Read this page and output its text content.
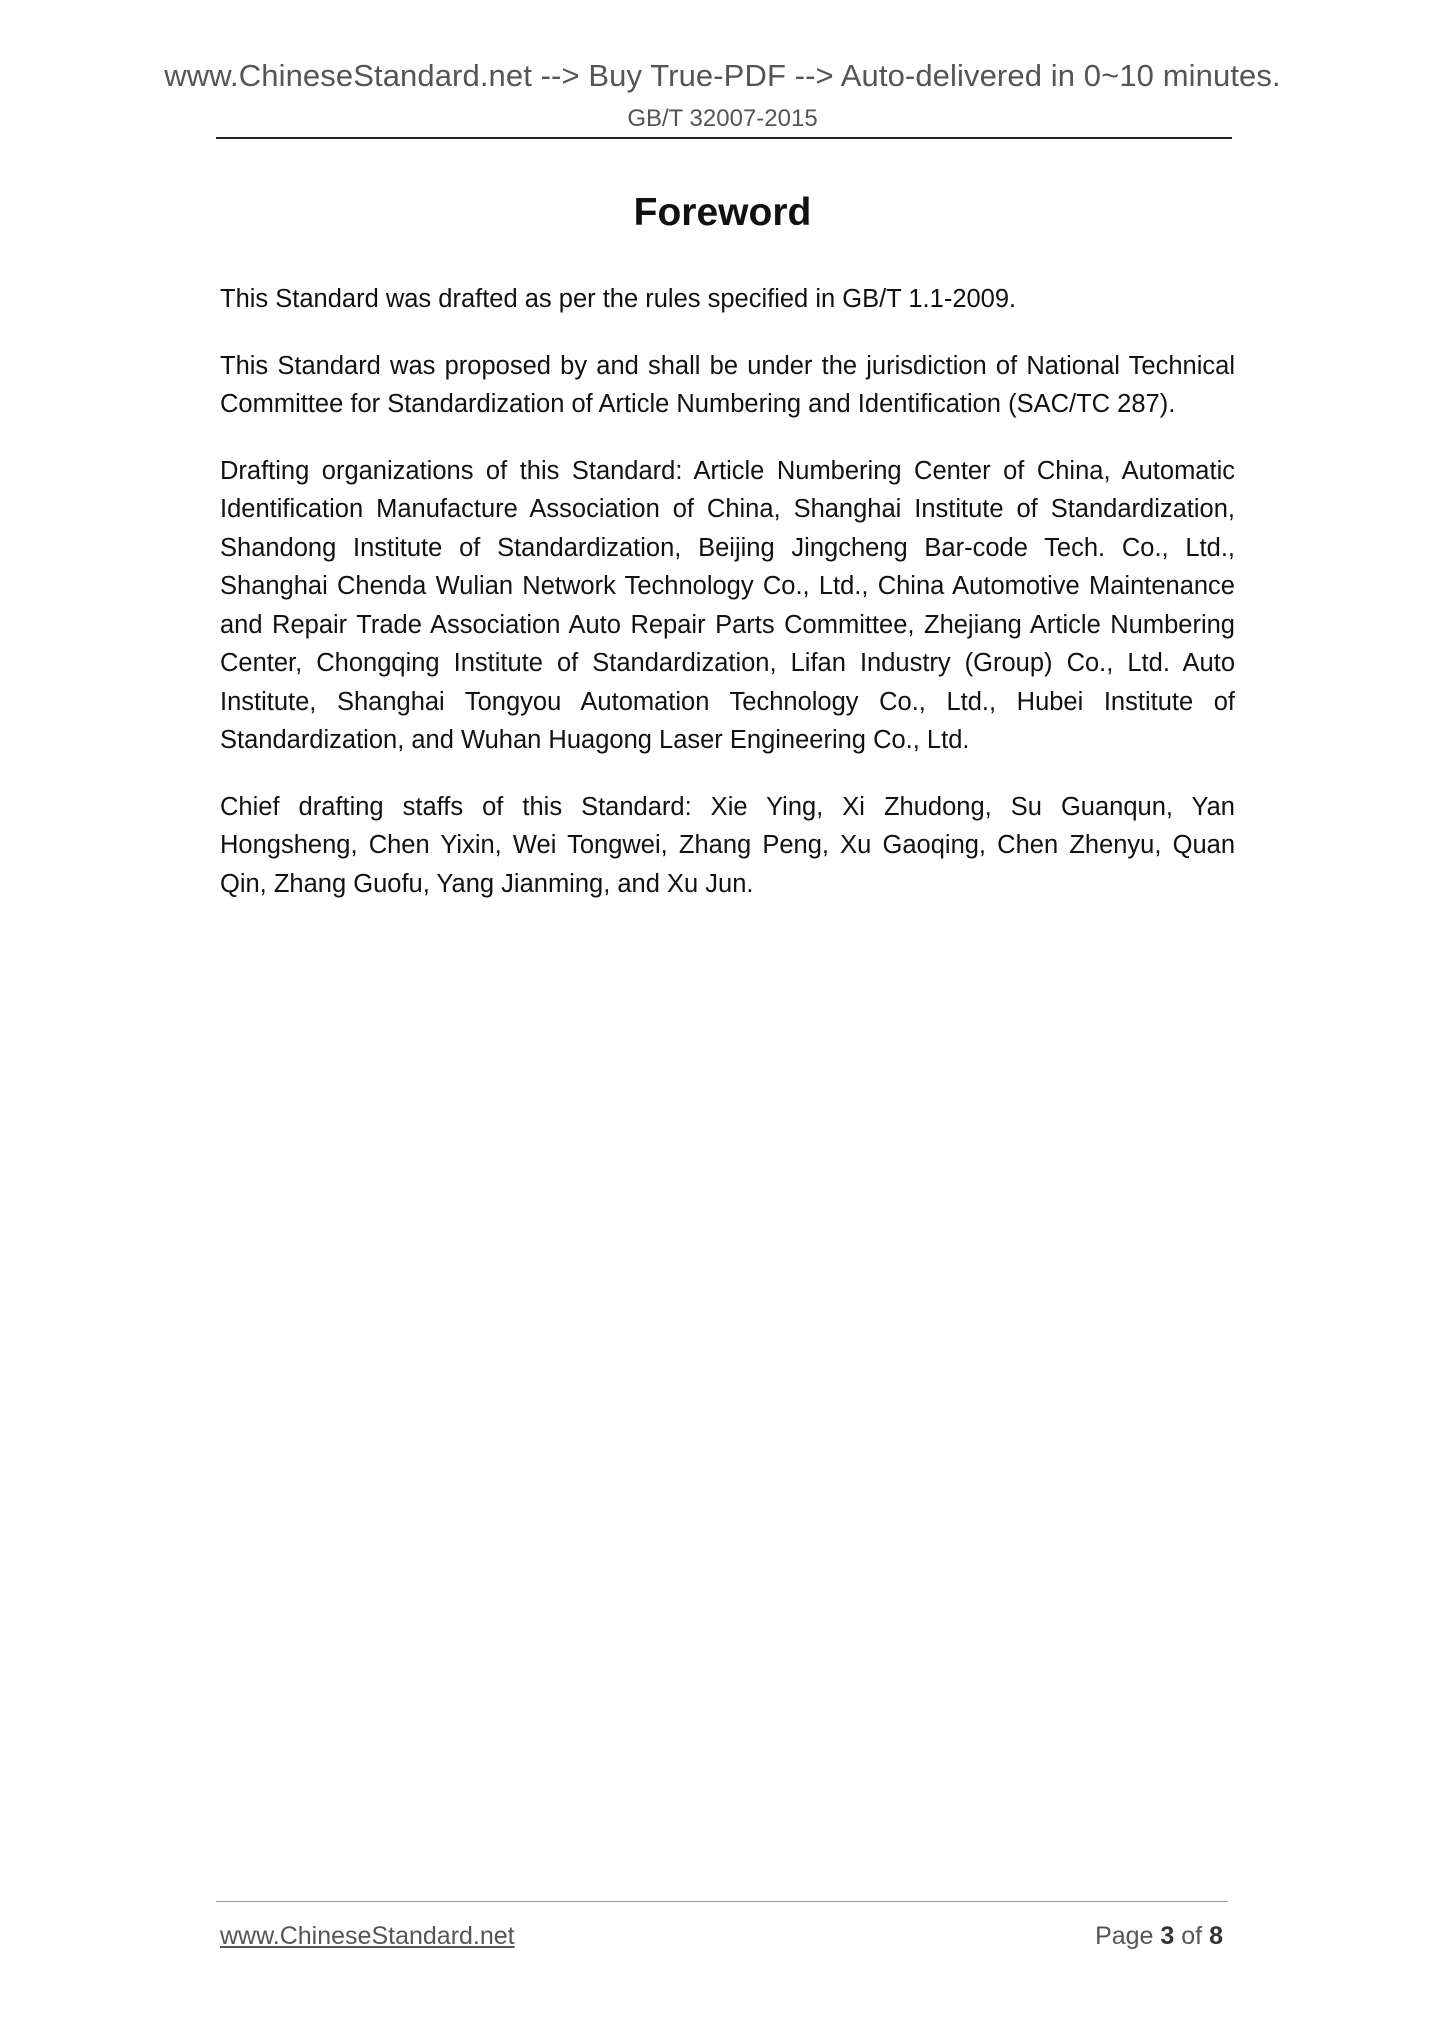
www.ChineseStandard.net --> Buy True-PDF --> Auto-delivered in 0~10 minutes.
GB/T 32007-2015
Foreword

This Standard was drafted as per the rules specified in GB/T 1.1-2009.

This Standard was proposed by and shall be under the jurisdiction of National Technical Committee for Standardization of Article Numbering and Identification (SAC/TC 287).

Drafting organizations of this Standard: Article Numbering Center of China, Automatic Identification Manufacture Association of China, Shanghai Institute of Standardization, Shandong Institute of Standardization, Beijing Jingcheng Bar-code Tech. Co., Ltd., Shanghai Chenda Wulian Network Technology Co., Ltd., China Automotive Maintenance and Repair Trade Association Auto Repair Parts Committee, Zhejiang Article Numbering Center, Chongqing Institute of Standardization, Lifan Industry (Group) Co., Ltd. Auto Institute, Shanghai Tongyou Automation Technology Co., Ltd., Hubei Institute of Standardization, and Wuhan Huagong Laser Engineering Co., Ltd.

Chief drafting staffs of this Standard: Xie Ying, Xi Zhudong, Su Guanqun, Yan Hongsheng, Chen Yixin, Wei Tongwei, Zhang Peng, Xu Gaoqing, Chen Zhenyu, Quan Qin, Zhang Guofu, Yang Jianming, and Xu Jun.

www.ChineseStandard.net	Page 3 of 8
